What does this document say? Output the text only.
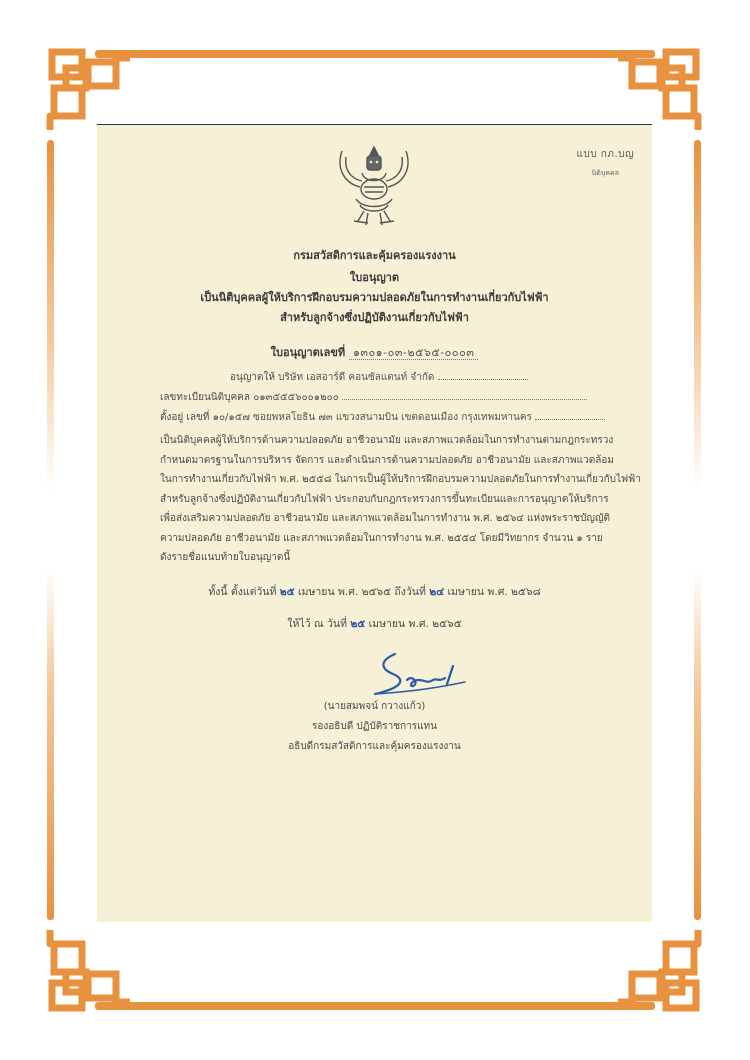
แบบ กภ.บญ
นิติบุคคล
กรมสวัสดิการและคุ้มครองแรงงาน
ใบอนุญาต
เป็นนิติบุคคลผู้ให้บริการฝึกอบรมความปลอดภัยในการทำงานเกี่ยวกับไฟฟ้า
สำหรับลูกจ้างซึ่งปฏิบัติงานเกี่ยวกับไฟฟ้า
ใบอนุญาตเลขที่ ๑๓๐๑-๐๓-๒๕๖๕-๐๐๐๓
อนุญาตให้ บริษัท เอสอาร์ดี คอนซัลแตนท์ จำกัด
เลขทะเบียนนิติบุคคล ๐๑๓๕๕๕๖๐๐๑๒๐๐
ตั้งอยู่ เลขที่ ๑๐/๑๕๗ ซอยพหลโยธิน ๗๓ แขวงสนามบิน เขตดอนเมือง กรุงเทพมหานคร

เป็นนิติบุคคลผู้ให้บริการด้านความปลอดภัย อาชีวอนามัย และสภาพแวดล้อมในการทำงานตามกฎกระทรวง

กำหนดมาตรฐานในการบริหาร จัดการ และดำเนินการด้านความปลอดภัย อาชีวอนามัย และสภาพแวดล้อม

ในการทำงานเกี่ยวกับไฟฟ้า พ.ศ. ๒๕๕๘ ในการเป็นผู้ให้บริการฝึกอบรมความปลอดภัยในการทำงานเกี่ยวกับไฟฟ้า

สำหรับลูกจ้างซึ่งปฏิบัติงานเกี่ยวกับไฟฟ้า ประกอบกับกฎกระทรวงการขึ้นทะเบียนและการอนุญาตให้บริการ

เพื่อส่งเสริมความปลอดภัย อาชีวอนามัย และสภาพแวดล้อมในการทำงาน พ.ศ. ๒๕๖๔ แห่งพระราชบัญญัติ

ความปลอดภัย อาชีวอนามัย และสภาพแวดล้อมในการทำงาน พ.ศ. ๒๕๕๔ โดยมีวิทยากร จำนวน ๑ ราย

ดังรายชื่อแนบท้ายใบอนุญาตนี้

ทั้งนี้ ตั้งแต่วันที่ ๒๕ เมษายน พ.ศ. ๒๕๖๕ ถึงวันที่ ๒๔ เมษายน พ.ศ. ๒๕๖๘
ให้ไว้ ณ วันที่ ๒๕ เมษายน พ.ศ. ๒๕๖๕
(นายสมพจน์ กวางแก้ว)
รองอธิบดี ปฏิบัติราชการแทน
อธิบดีกรมสวัสดิการและคุ้มครองแรงงาน
